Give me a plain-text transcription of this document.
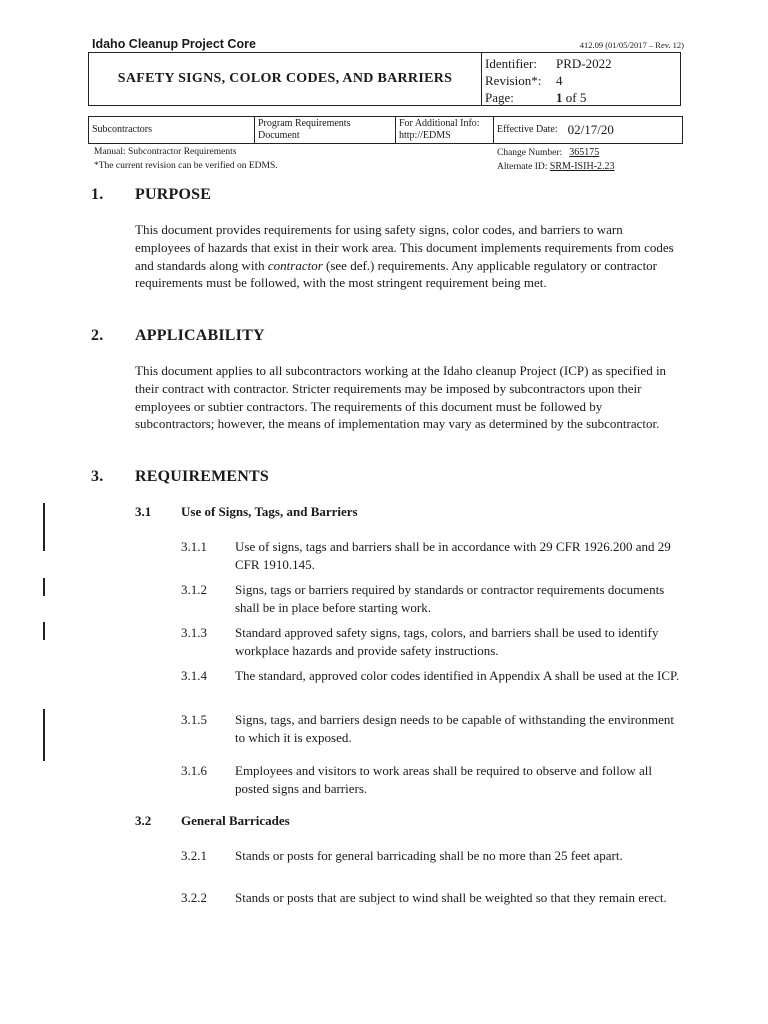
Idaho Cleanup Project Core	412.09 (01/05/2017 – Rev. 12)
SAFETY SIGNS, COLOR CODES, AND BARRIERS
Identifier: PRD-2022
Revision*: 4
Page:	1 of 5
Subcontractors
Program Requirements Document
For Additional Info: http://EDMS
Effective Date: 02/17/20
Manual: Subcontractor Requirements
*The current revision can be verified on EDMS.
Change Number: 365175
Alternate ID: SRM-ISIH-2.23
1. PURPOSE
This document provides requirements for using safety signs, color codes, and barriers to warn employees of hazards that exist in their work area. This document implements requirements from codes and standards along with contractor (see def.) requirements. Any applicable regulatory or contractor requirements must be followed, with the most stringent requirement being met.
2. APPLICABILITY
This document applies to all subcontractors working at the Idaho cleanup Project (ICP) as specified in their contract with contractor. Stricter requirements may be imposed by subcontractors upon their employees or subtier contractors. The requirements of this document must be followed by subcontractors; however, the means of implementation may vary as determined by the subcontractor.
3. REQUIREMENTS
3.1 Use of Signs, Tags, and Barriers
3.1.1 Use of signs, tags and barriers shall be in accordance with 29 CFR 1926.200 and 29 CFR 1910.145.
3.1.2 Signs, tags or barriers required by standards or contractor requirements documents shall be in place before starting work.
3.1.3 Standard approved safety signs, tags, colors, and barriers shall be used to identify workplace hazards and provide safety instructions.
3.1.4 The standard, approved color codes identified in Appendix A shall be used at the ICP.
3.1.5 Signs, tags, and barriers design needs to be capable of withstanding the environment to which it is exposed.
3.1.6 Employees and visitors to work areas shall be required to observe and follow all posted signs and barriers.
3.2 General Barricades
3.2.1 Stands or posts for general barricading shall be no more than 25 feet apart.
3.2.2 Stands or posts that are subject to wind shall be weighted so that they remain erect.
